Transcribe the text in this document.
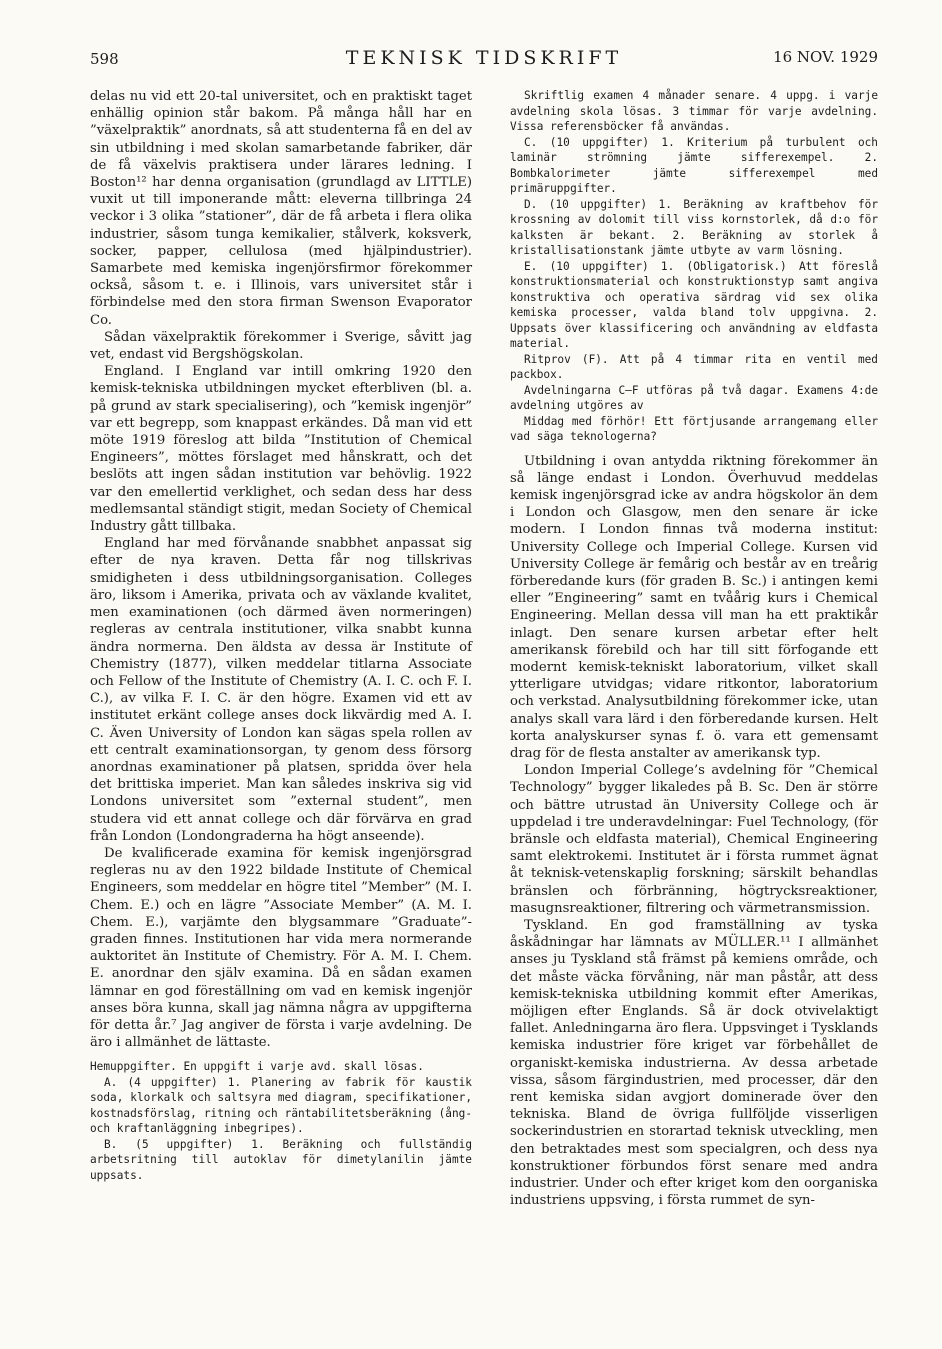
598	TEKNISK TIDSKRIFT	16 NOV. 1929

delas nu vid ett 20-tal universitet, och en praktiskt taget enhällig opinion står bakom. På många håll har en ”växelpraktik” anordnats, så att studenterna få en del av sin utbildning i med skolan samarbetande fabriker, där de få växelvis praktisera under lärares ledning. I Boston¹² har denna organisation (grundlagd av LITTLE) vuxit ut till imponerande mått: eleverna tillbringa 24 veckor i 3 olika ”stationer”, där de få arbeta i flera olika industrier, såsom tunga kemikalier, stålverk, koksverk, socker, papper, cellulosa (med hjälpindustrier). Samarbete med kemiska ingenjörsfirmor förekommer också, såsom t. e. i Illinois, vars universitet står i förbindelse med den stora firman Swenson Evaporator Co.

Sådan växelpraktik förekommer i Sverige, såvitt jag vet, endast vid Bergshögskolan.

England. I England var intill omkring 1920 den kemisk-tekniska utbildningen mycket efterbliven (bl. a. på grund av stark specialisering), och ”kemisk ingenjör” var ett begrepp, som knappast erkändes. Då man vid ett möte 1919 föreslog att bilda ”Institution of Chemical Engineers”, möttes förslaget med hånskratt, och det beslöts att ingen sådan institution var behövlig. 1922 var den emellertid verklighet, och sedan dess har dess medlemsantal ständigt stigit, medan Society of Chemical Industry gått tillbaka.

England har med förvånande snabbhet anpassat sig efter de nya kraven. Detta får nog tillskrivas smidigheten i dess utbildningsorganisation. Colleges äro, liksom i Amerika, privata och av växlande kvalitet, men examinationen (och därmed även normeringen) regleras av centrala institutioner, vilka snabbt kunna ändra normerna. Den äldsta av dessa är Institute of Chemistry (1877), vilken meddelar titlarna Associate och Fellow of the Institute of Chemistry (A. I. C. och F. I. C.), av vilka F. I. C. är den högre. Examen vid ett av institutet erkänt college anses dock likvärdig med A. I. C. Även University of London kan sägas spela rollen av ett centralt examinationsorgan, ty genom dess försorg anordnas examinationer på platsen, spridda över hela det brittiska imperiet. Man kan således inskriva sig vid Londons universitet som ”external student”, men studera vid ett annat college och där förvärva en grad från London (Londongraderna ha högt anseende).

De kvalificerade examina för kemisk ingenjörsgrad regleras nu av den 1922 bildade Institute of Chemical Engineers, som meddelar en högre titel ”Member” (M. I. Chem. E.) och en lägre ”Associate Member” (A. M. I. Chem. E.), varjämte den blygsammare ”Graduate”-graden finnes. Institutionen har vida mera normerande auktoritet än Institute of Chemistry. För A. M. I. Chem. E. anordnar den själv examina. Då en sådan examen lämnar en god föreställning om vad en kemisk ingenjör anses böra kunna, skall jag nämna några av uppgifterna för detta år.⁷ Jag angiver de första i varje avdelning. De äro i allmänhet de lättaste.

Hemuppgifter. En uppgift i varje avd. skall lösas.

A. (4 uppgifter) 1. Planering av fabrik för kaustik soda, klorkalk och saltsyra med diagram, specifikationer, kostnadsförslag, ritning och räntabilitetsberäkning (ång- och kraftanläggning inbegripes).

B. (5 uppgifter) 1. Beräkning och fullständig arbetsritning till autoklav för dimetylanilin jämte uppsats.

Skriftlig examen 4 månader senare. 4 uppg. i varje avdelning skola lösas. 3 timmar för varje avdelning. Vissa referensböcker få användas.

C. (10 uppgifter) 1. Kriterium på turbulent och laminär strömning jämte sifferexempel. 2. Bombkalorimeter jämte sifferexempel med primäruppgifter.

D. (10 uppgifter) 1. Beräkning av kraftbehov för krossning av dolomit till viss kornstorlek, då d:o för kalksten är bekant. 2. Beräkning av storlek å kristallisationstank jämte utbyte av varm lösning.

E. (10 uppgifter) 1. (Obligatorisk.) Att föreslå konstruktionsmaterial och konstruktionstyp samt angiva konstruktiva och operativa särdrag vid sex olika kemiska processer, valda bland tolv uppgivna. 2. Uppsats över klassificering och användning av eldfasta material.

Ritprov (F). Att på 4 timmar rita en ventil med packbox.

Avdelningarna C—F utföras på två dagar. Examens 4:de avdelning utgöres av

Middag med förhör! Ett förtjusande arrangemang eller vad säga teknologerna?

Utbildning i ovan antydda riktning förekommer än så länge endast i London. Överhuvud meddelas kemisk ingenjörsgrad icke av andra högskolor än dem i London och Glasgow, men den senare är icke modern. I London finnas två moderna institut: University College och Imperial College. Kursen vid University College är femårig och består av en treårig förberedande kurs (för graden B. Sc.) i antingen kemi eller ”Engineering” samt en tvåårig kurs i Chemical Engineering. Mellan dessa vill man ha ett praktikår inlagt. Den senare kursen arbetar efter helt amerikansk förebild och har till sitt förfogande ett modernt kemisk-tekniskt laboratorium, vilket skall ytterligare utvidgas; vidare ritkontor, laboratorium och verkstad. Analysutbildning förekommer icke, utan analys skall vara lärd i den förberedande kursen. Helt korta analyskurser synas f. ö. vara ett gemensamt drag för de flesta anstalter av amerikansk typ.

London Imperial College’s avdelning för ”Chemical Technology” bygger likaledes på B. Sc. Den är större och bättre utrustad än University College och är uppdelad i tre underavdelningar: Fuel Technology, (för bränsle och eldfasta material), Chemical Engineering samt elektrokemi. Institutet är i första rummet ägnat åt teknisk-vetenskaplig forskning; särskilt behandlas bränslen och förbränning, högtrycksreaktioner, masugnsreaktioner, filtrering och värmetransmission.

Tyskland. En god framställning av tyska åskådningar har lämnats av MÜLLER.¹¹ I allmänhet anses ju Tyskland stå främst på kemiens område, och det måste väcka förvåning, när man påstår, att dess kemisk-tekniska utbildning kommit efter Amerikas, möjligen efter Englands. Så är dock otvivelaktigt fallet. Anledningarna äro flera. Uppsvinget i Tysklands kemiska industrier före kriget var förbehållet de organiskt-kemiska industrierna. Av dessa arbetade vissa, såsom färgindustrien, med processer, där den rent kemiska sidan avgjort dominerade över den tekniska. Bland de övriga fullföljde visserligen sockerindustrien en storartad teknisk utveckling, men den betraktades mest som specialgren, och dess nya konstruktioner förbundos först senare med andra industrier. Under och efter kriget kom den oorganiska industriens uppsving, i första rummet de syn-
